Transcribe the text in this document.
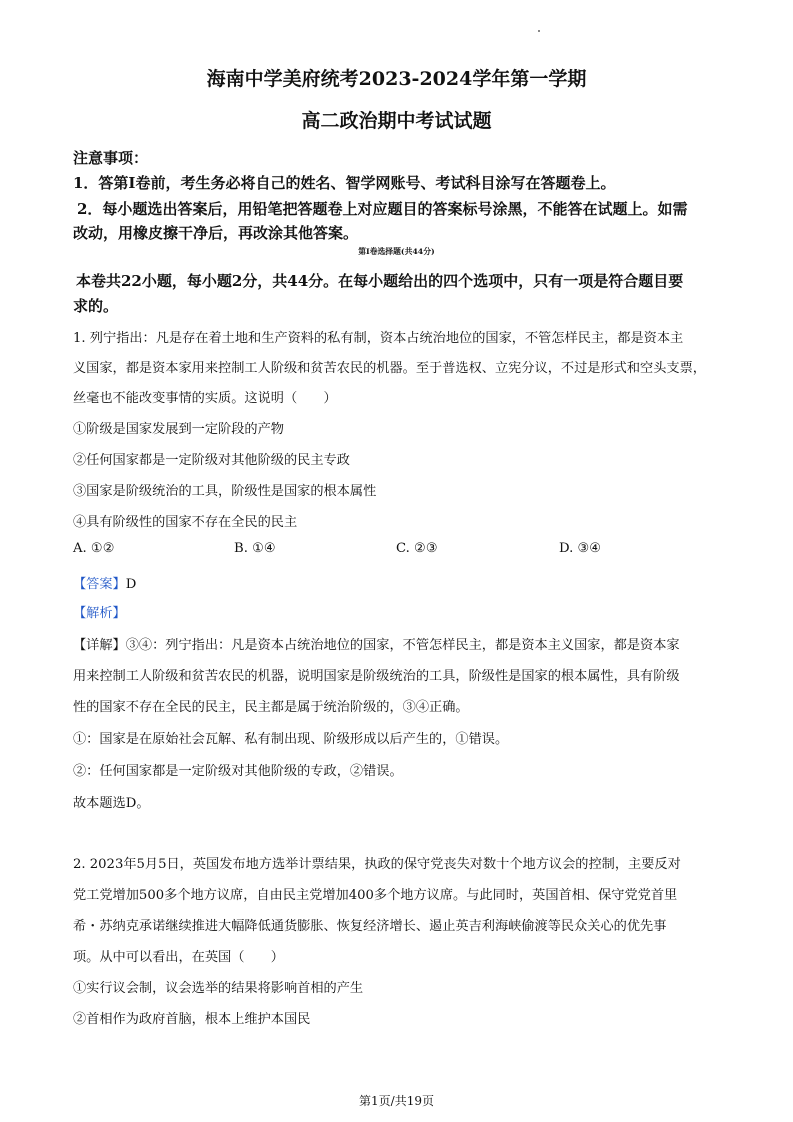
海南中学美府统考2023-2024学年第一学期
高二政治期中考试试题
注意事项：
1．答第Ⅰ卷前，考生务必将自己的姓名、智学网账号、考试科目涂写在答题卷上。
2．每小题选出答案后，用铅笔把答题卷上对应题目的答案标号涂黑，不能答在试题上。如需
改动，用橡皮擦干净后，再改涂其他答案。
第Ⅰ卷选择题(共44分)
本卷共22小题，每小题2分，共44分。在每小题给出的四个选项中，只有一项是符合题目要
求的。
1. 列宁指出：凡是存在着土地和生产资料的私有制，资本占统治地位的国家，不管怎样民主，都是资本主
义国家，都是资本家用来控制工人阶级和贫苦农民的机器。至于普选权、立宪分议，不过是形式和空头支票，
丝毫也不能改变事情的实质。这说明（　　）
①阶级是国家发展到一定阶段的产物
②任何国家都是一定阶级对其他阶级的民主专政
③国家是阶级统治的工具，阶级性是国家的根本属性
④具有阶级性的国家不存在全民的民主
A. ①②	B. ①④	C. ②③	D. ③④
【答案】D
【解析】
【详解】③④：列宁指出：凡是资本占统治地位的国家，不管怎样民主，都是资本主义国家，都是资本家
用来控制工人阶级和贫苦农民的机器，说明国家是阶级统治的工具，阶级性是国家的根本属性，具有阶级
性的国家不存在全民的民主，民主都是属于统治阶级的，③④正确。
①：国家是在原始社会瓦解、私有制出现、阶级形成以后产生的，①错误。
②：任何国家都是一定阶级对其他阶级的专政，②错误。
故本题选D。
2. 2023年5月5日，英国发布地方选举计票结果，执政的保守党丧失对数十个地方议会的控制，主要反对
党工党增加500多个地方议席，自由民主党增加400多个地方议席。与此同时，英国首相、保守党党首里
希・苏纳克承诺继续推进大幅降低通货膨胀、恢复经济增长、遏止英吉利海峡偷渡等民众关心的优先事
项。从中可以看出，在英国（　　）
①实行议会制，议会选举的结果将影响首相的产生
②首相作为政府首脑，根本上维护本国民
第1页/共19页
